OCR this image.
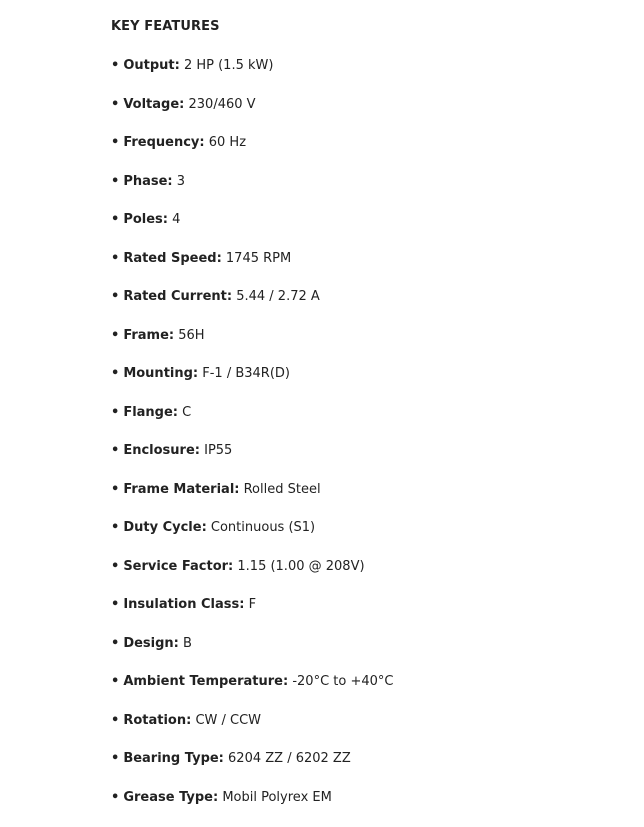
KEY FEATURES
• Output: 2 HP (1.5 kW)
• Voltage: 230/460 V
• Frequency: 60 Hz
• Phase: 3
• Poles: 4
• Rated Speed: 1745 RPM
• Rated Current: 5.44 / 2.72 A
• Frame: 56H
• Mounting: F-1 / B34R(D)
• Flange: C
• Enclosure: IP55
• Frame Material: Rolled Steel
• Duty Cycle: Continuous (S1)
• Service Factor: 1.15 (1.00 @ 208V)
• Insulation Class: F
• Design: B
• Ambient Temperature: -20°C to +40°C
• Rotation: CW / CCW
• Bearing Type: 6204 ZZ / 6202 ZZ
• Grease Type: Mobil Polyrex EM
